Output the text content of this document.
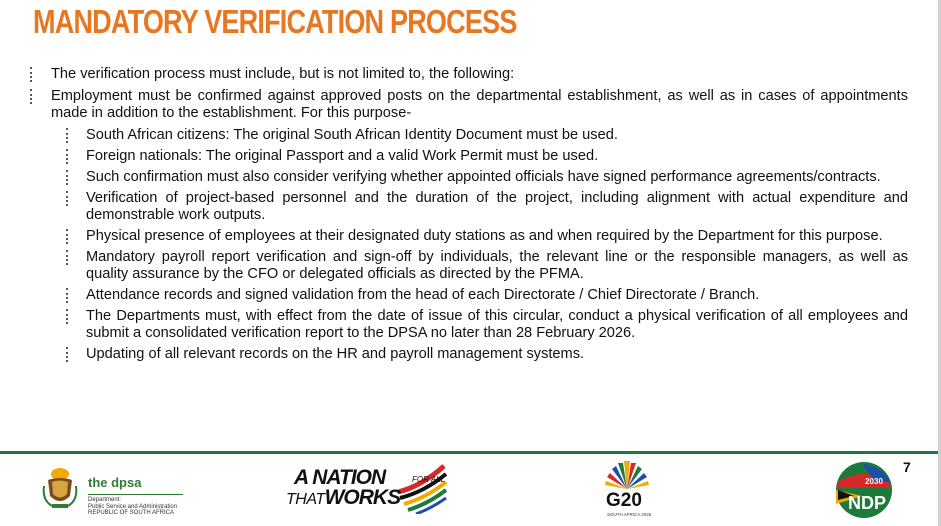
MANDATORY VERIFICATION PROCESS
The verification process must include, but is not limited to, the following:
Employment must be confirmed against approved posts on the departmental establishment, as well as in cases of appointments made in addition to the establishment. For this purpose-
South African citizens: The original South African Identity Document must be used.
Foreign nationals: The original Passport and a valid Work Permit must be used.
Such confirmation must also consider verifying whether appointed officials have signed performance agreements/contracts.
Verification of project-based personnel and the duration of the project, including alignment with actual expenditure and demonstrable work outputs.
Physical presence of employees at their designated duty stations as and when required by the Department for this purpose.
Mandatory payroll report verification and sign-off by individuals, the relevant line or the responsible managers, as well as quality assurance by the CFO or delegated officials as directed by the PFMA.
Attendance records and signed validation from the head of each Directorate / Chief Directorate / Branch.
The Departments must, with effect from the date of issue of this circular, conduct a physical verification of all employees and submit a consolidated verification report to the DPSA no later than 28 February 2026.
Updating of all relevant records on the HR and payroll management systems.
the dpsa
Department:
Public Service and Administration
REPUBLIC OF SOUTH AFRICA
A NATION
THATWORKS
FOR ALL
G20
SOUTH AFRICA 2025
7
2030
NDP
